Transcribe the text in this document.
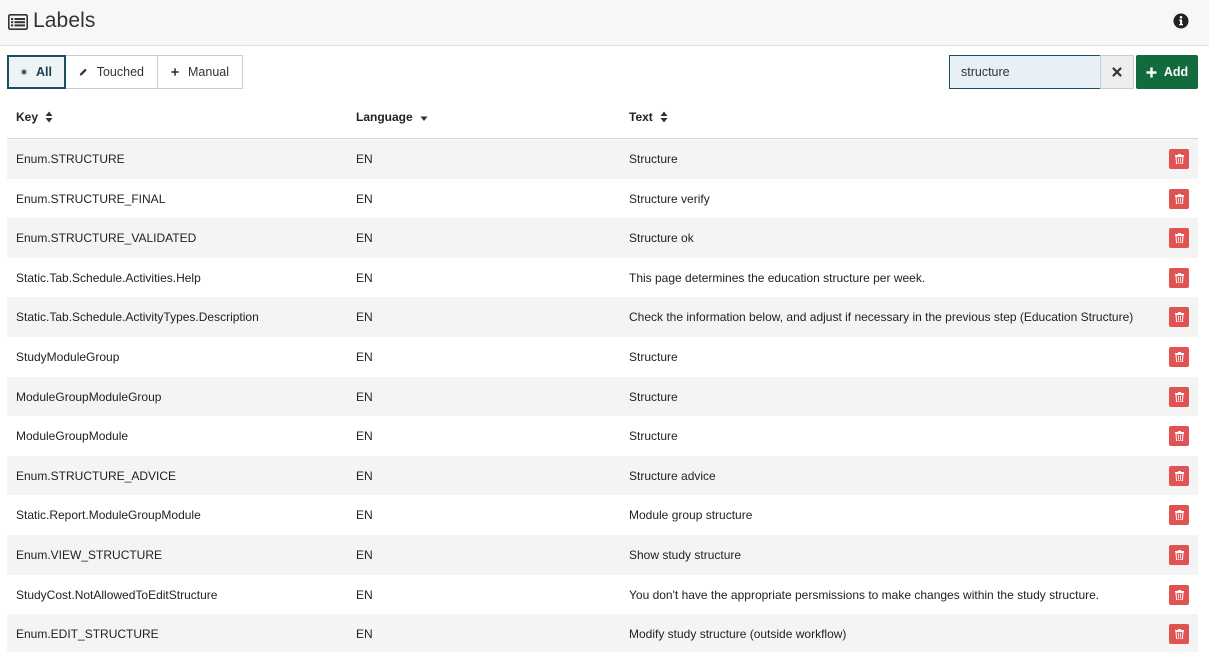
Labels
All	Touched	Manual
structure	Add
Key	Language	Text
Enum.STRUCTURE	EN	Structure
Enum.STRUCTURE_FINAL	EN	Structure verify
Enum.STRUCTURE_VALIDATED	EN	Structure ok
Static.Tab.Schedule.Activities.Help	EN	This page determines the education structure per week.
Static.Tab.Schedule.ActivityTypes.Description	EN	Check the information below, and adjust if necessary in the previous step (Education Structure)
StudyModuleGroup	EN	Structure
ModuleGroupModuleGroup	EN	Structure
ModuleGroupModule	EN	Structure
Enum.STRUCTURE_ADVICE	EN	Structure advice
Static.Report.ModuleGroupModule	EN	Module group structure
Enum.VIEW_STRUCTURE	EN	Show study structure
StudyCost.NotAllowedToEditStructure	EN	You don't have the appropriate persmissions to make changes within the study structure.
Enum.EDIT_STRUCTURE	EN	Modify study structure (outside workflow)
